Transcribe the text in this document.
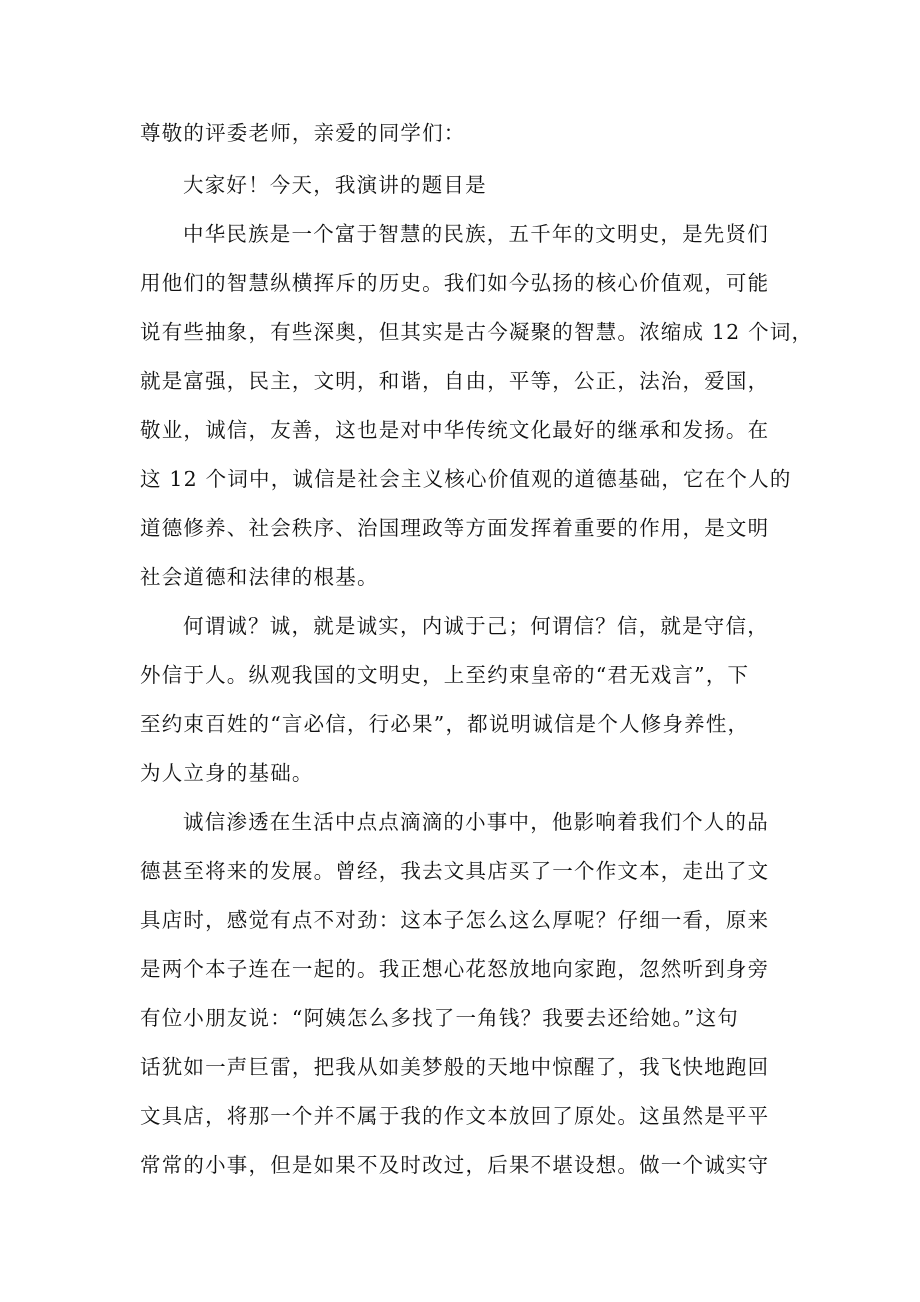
尊敬的评委老师，亲爱的同学们：

大家好！今天，我演讲的题目是

中华民族是一个富于智慧的民族，五千年的文明史，是先贤们

用他们的智慧纵横挥斥的历史。我们如今弘扬的核心价值观，可能

说有些抽象，有些深奥，但其实是古今凝聚的智慧。浓缩成 12 个词，

就是富强，民主，文明，和谐，自由，平等，公正，法治，爱国，

敬业，诚信，友善，这也是对中华传统文化最好的继承和发扬。在

这 12 个词中，诚信是社会主义核心价值观的道德基础，它在个人的

道德修养、社会秩序、治国理政等方面发挥着重要的作用，是文明

社会道德和法律的根基。

何谓诚？诚，就是诚实，内诚于己；何谓信？信，就是守信，

外信于人。纵观我国的文明史，上至约束皇帝的“君无戏言”，下

至约束百姓的“言必信，行必果”，都说明诚信是个人修身养性，

为人立身的基础。

诚信渗透在生活中点点滴滴的小事中，他影响着我们个人的品

德甚至将来的发展。曾经，我去文具店买了一个作文本，走出了文

具店时，感觉有点不对劲：这本子怎么这么厚呢？仔细一看，原来

是两个本子连在一起的。我正想心花怒放地向家跑，忽然听到身旁

有位小朋友说：“阿姨怎么多找了一角钱？我要去还给她。”这句

话犹如一声巨雷，把我从如美梦般的天地中惊醒了，我飞快地跑回

文具店，将那一个并不属于我的作文本放回了原处。这虽然是平平

常常的小事，但是如果不及时改过，后果不堪设想。做一个诚实守
